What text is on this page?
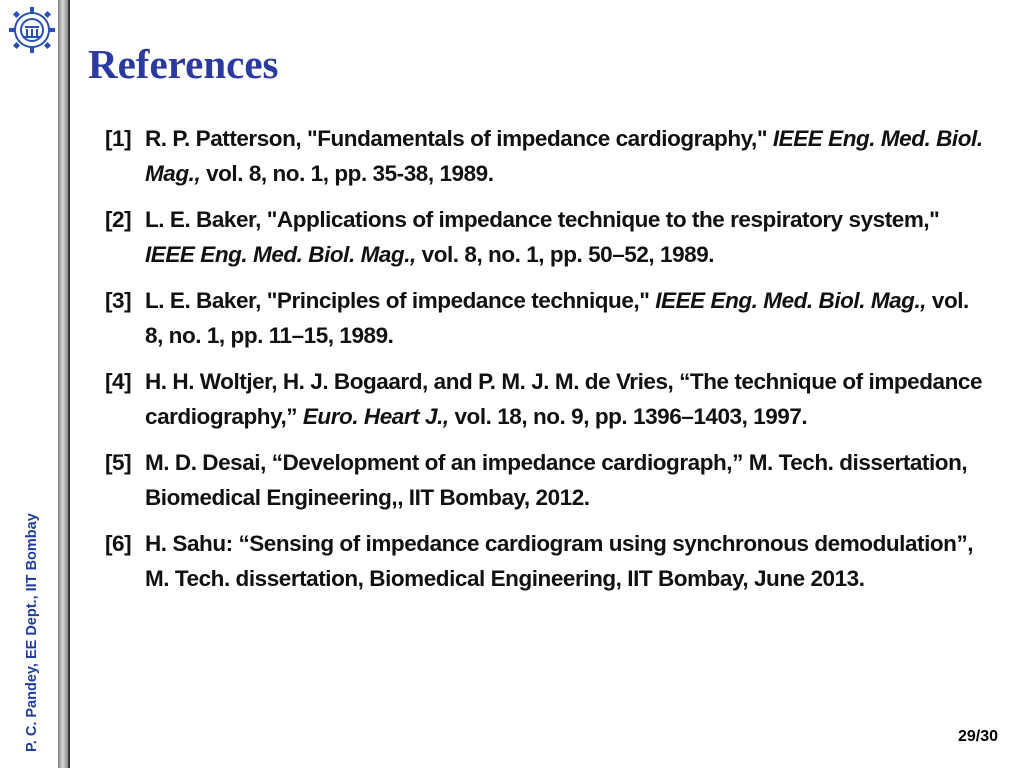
P. C. Pandey, EE Dept., IIT Bombay
References
[1] R. P. Patterson, "Fundamentals of impedance cardiography," IEEE Eng. Med. Biol. Mag., vol. 8, no. 1, pp. 35-38, 1989.
[2] L. E. Baker, "Applications of impedance technique to the respiratory system," IEEE Eng. Med. Biol. Mag., vol. 8, no. 1, pp. 50–52, 1989.
[3] L. E. Baker, "Principles of impedance technique," IEEE Eng. Med. Biol. Mag., vol. 8, no. 1, pp. 11–15, 1989.
[4] H. H. Woltjer, H. J. Bogaard, and P. M. J. M. de Vries, “The technique of impedance cardiography,” Euro. Heart J., vol. 18, no. 9, pp. 1396–1403, 1997.
[5] M. D. Desai, “Development of an impedance cardiograph,” M. Tech. dissertation, Biomedical Engineering,, IIT Bombay, 2012.
[6] H. Sahu: “Sensing of impedance cardiogram using synchronous demodulation”, M. Tech. dissertation, Biomedical Engineering, IIT Bombay, June 2013.
29/30
